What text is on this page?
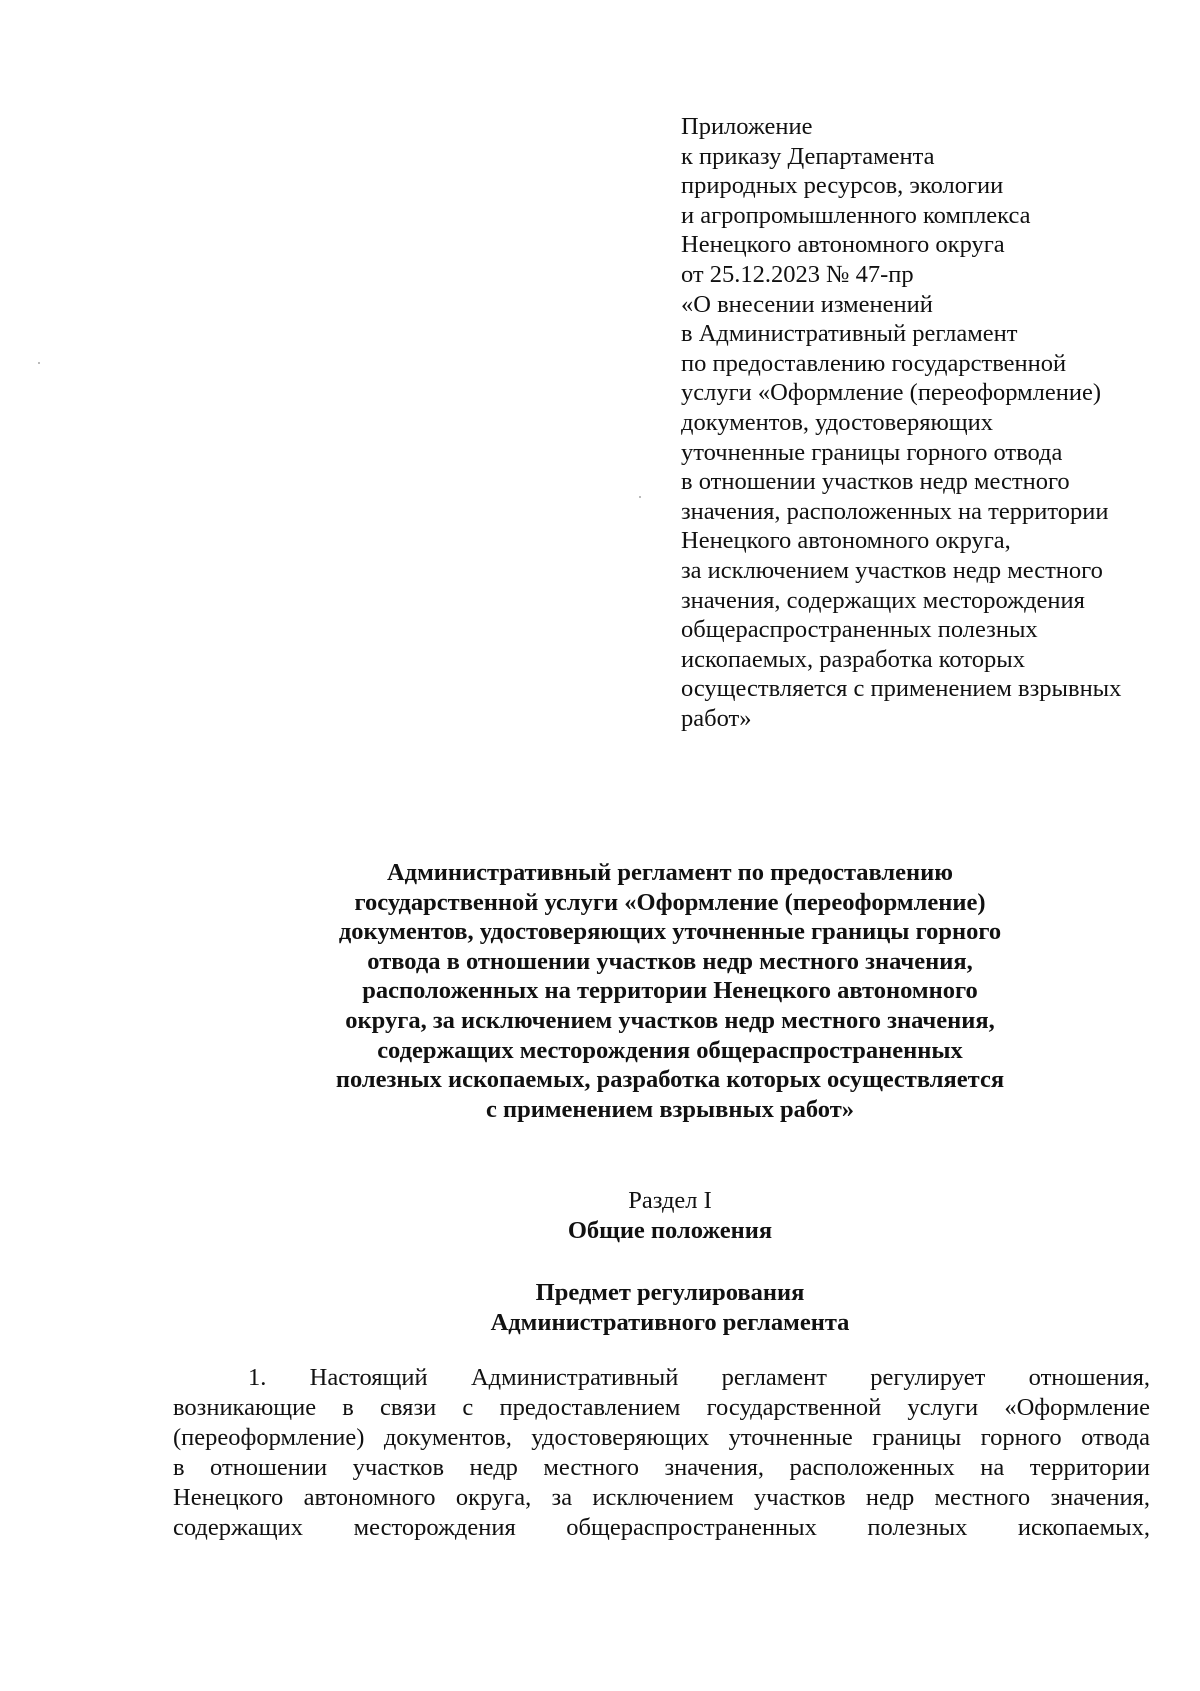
Приложение
к приказу Департамента
природных ресурсов, экологии
и агропромышленного комплекса
Ненецкого автономного округа
от 25.12.2023 № 47-пр
«О внесении изменений
в Административный регламент
по предоставлению государственной
услуги «Оформление (переоформление)
документов, удостоверяющих
уточненные границы горного отвода
в отношении участков недр местного
значения, расположенных на территории
Ненецкого автономного округа,
за исключением участков недр местного
значения, содержащих месторождения
общераспространенных полезных
ископаемых, разработка которых
осуществляется с применением взрывных
работ»
Административный регламент по предоставлению
государственной услуги «Оформление (переоформление)
документов, удостоверяющих уточненные границы горного
отвода в отношении участков недр местного значения,
расположенных на территории Ненецкого автономного
округа, за исключением участков недр местного значения,
содержащих месторождения общераспространенных
полезных ископаемых, разработка которых осуществляется
с применением взрывных работ»
Раздел I
Общие положения
Предмет регулирования
Административного регламента
1. Настоящий Административный регламент регулирует отношения,
возникающие в связи с предоставлением государственной услуги «Оформление
(переоформление) документов, удостоверяющих уточненные границы горного отвода
в отношении участков недр местного значения, расположенных на территории
Ненецкого автономного округа, за исключением участков недр местного значения,
содержащих месторождения общераспространенных полезных ископаемых,
